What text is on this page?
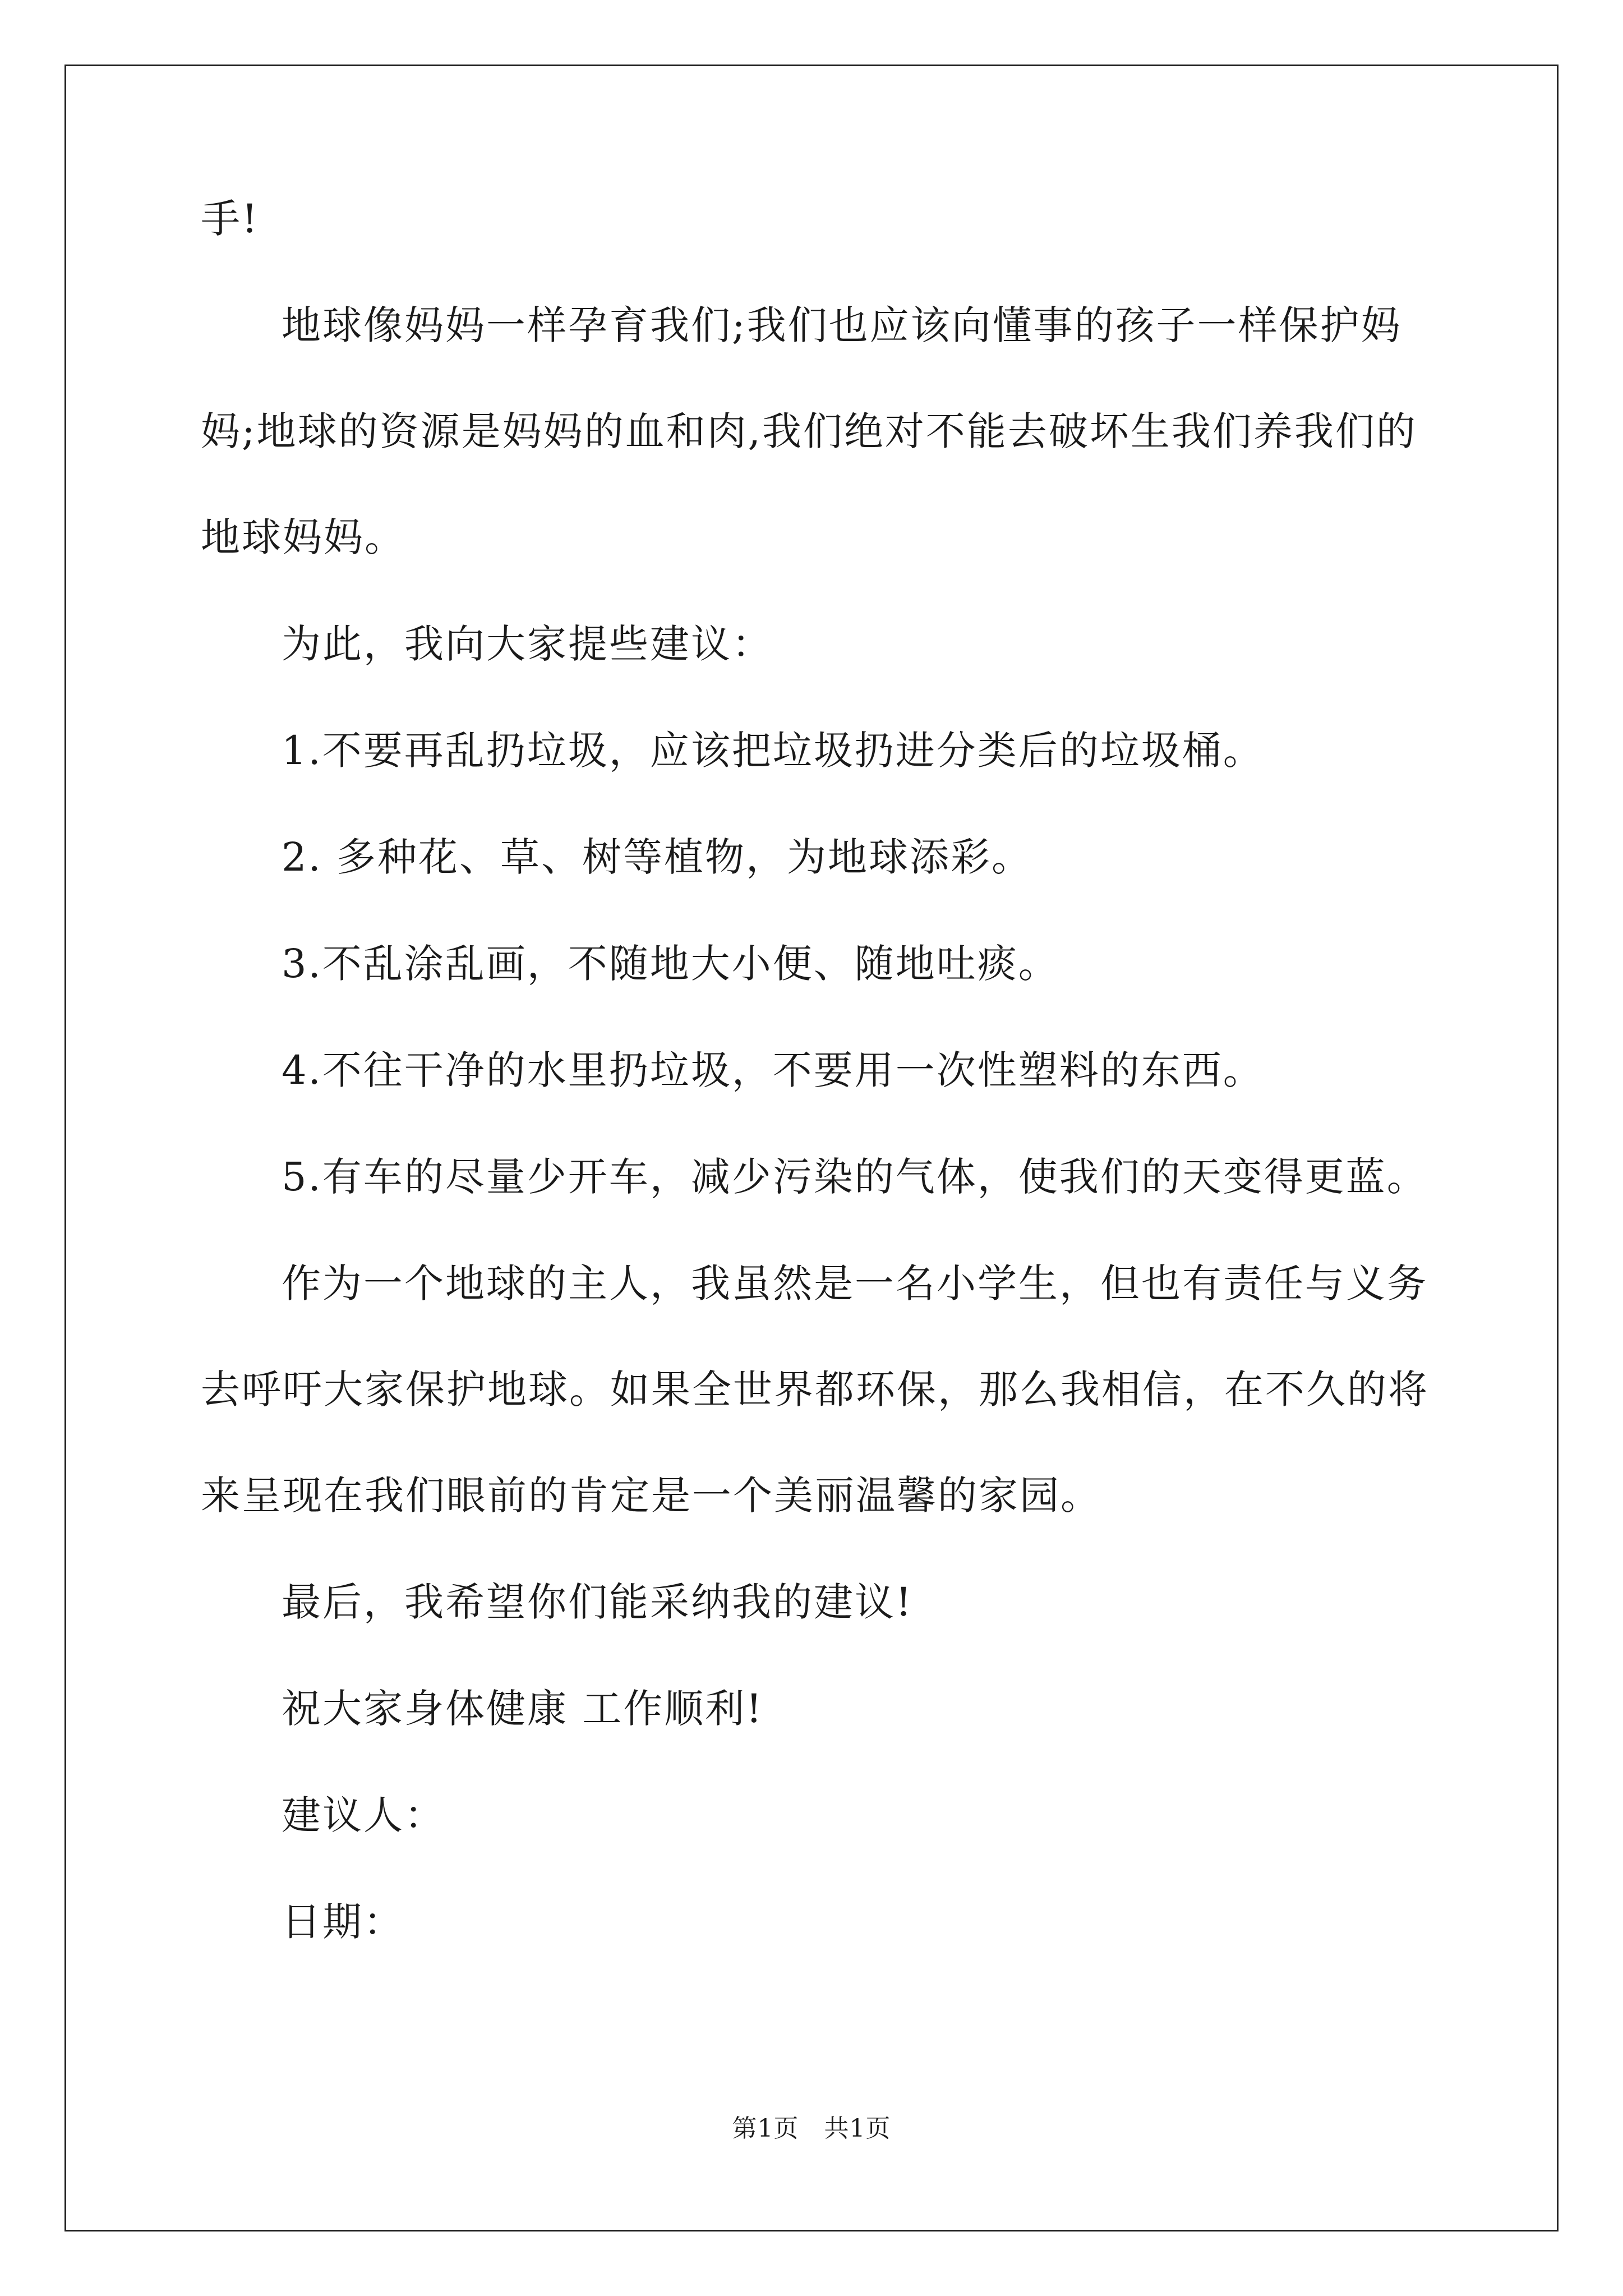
手!
地球像妈妈一样孕育我们;我们也应该向懂事的孩子一样保护妈
妈;地球的资源是妈妈的血和肉,我们绝对不能去破坏生我们养我们的
地球妈妈。
为此，我向大家提些建议：
1.不要再乱扔垃圾，应该把垃圾扔进分类后的垃圾桶。
2. 多种花、草、树等植物，为地球添彩。
3.不乱涂乱画，不随地大小便、随地吐痰。
4.不往干净的水里扔垃圾，不要用一次性塑料的东西。
5.有车的尽量少开车，减少污染的气体，使我们的天变得更蓝。
作为一个地球的主人，我虽然是一名小学生，但也有责任与义务
去呼吁大家保护地球。如果全世界都环保，那么我相信，在不久的将
来呈现在我们眼前的肯定是一个美丽温馨的家园。
最后，我希望你们能采纳我的建议!
祝大家身体健康 工作顺利!
建议人：
日期：
第1页　共1页
